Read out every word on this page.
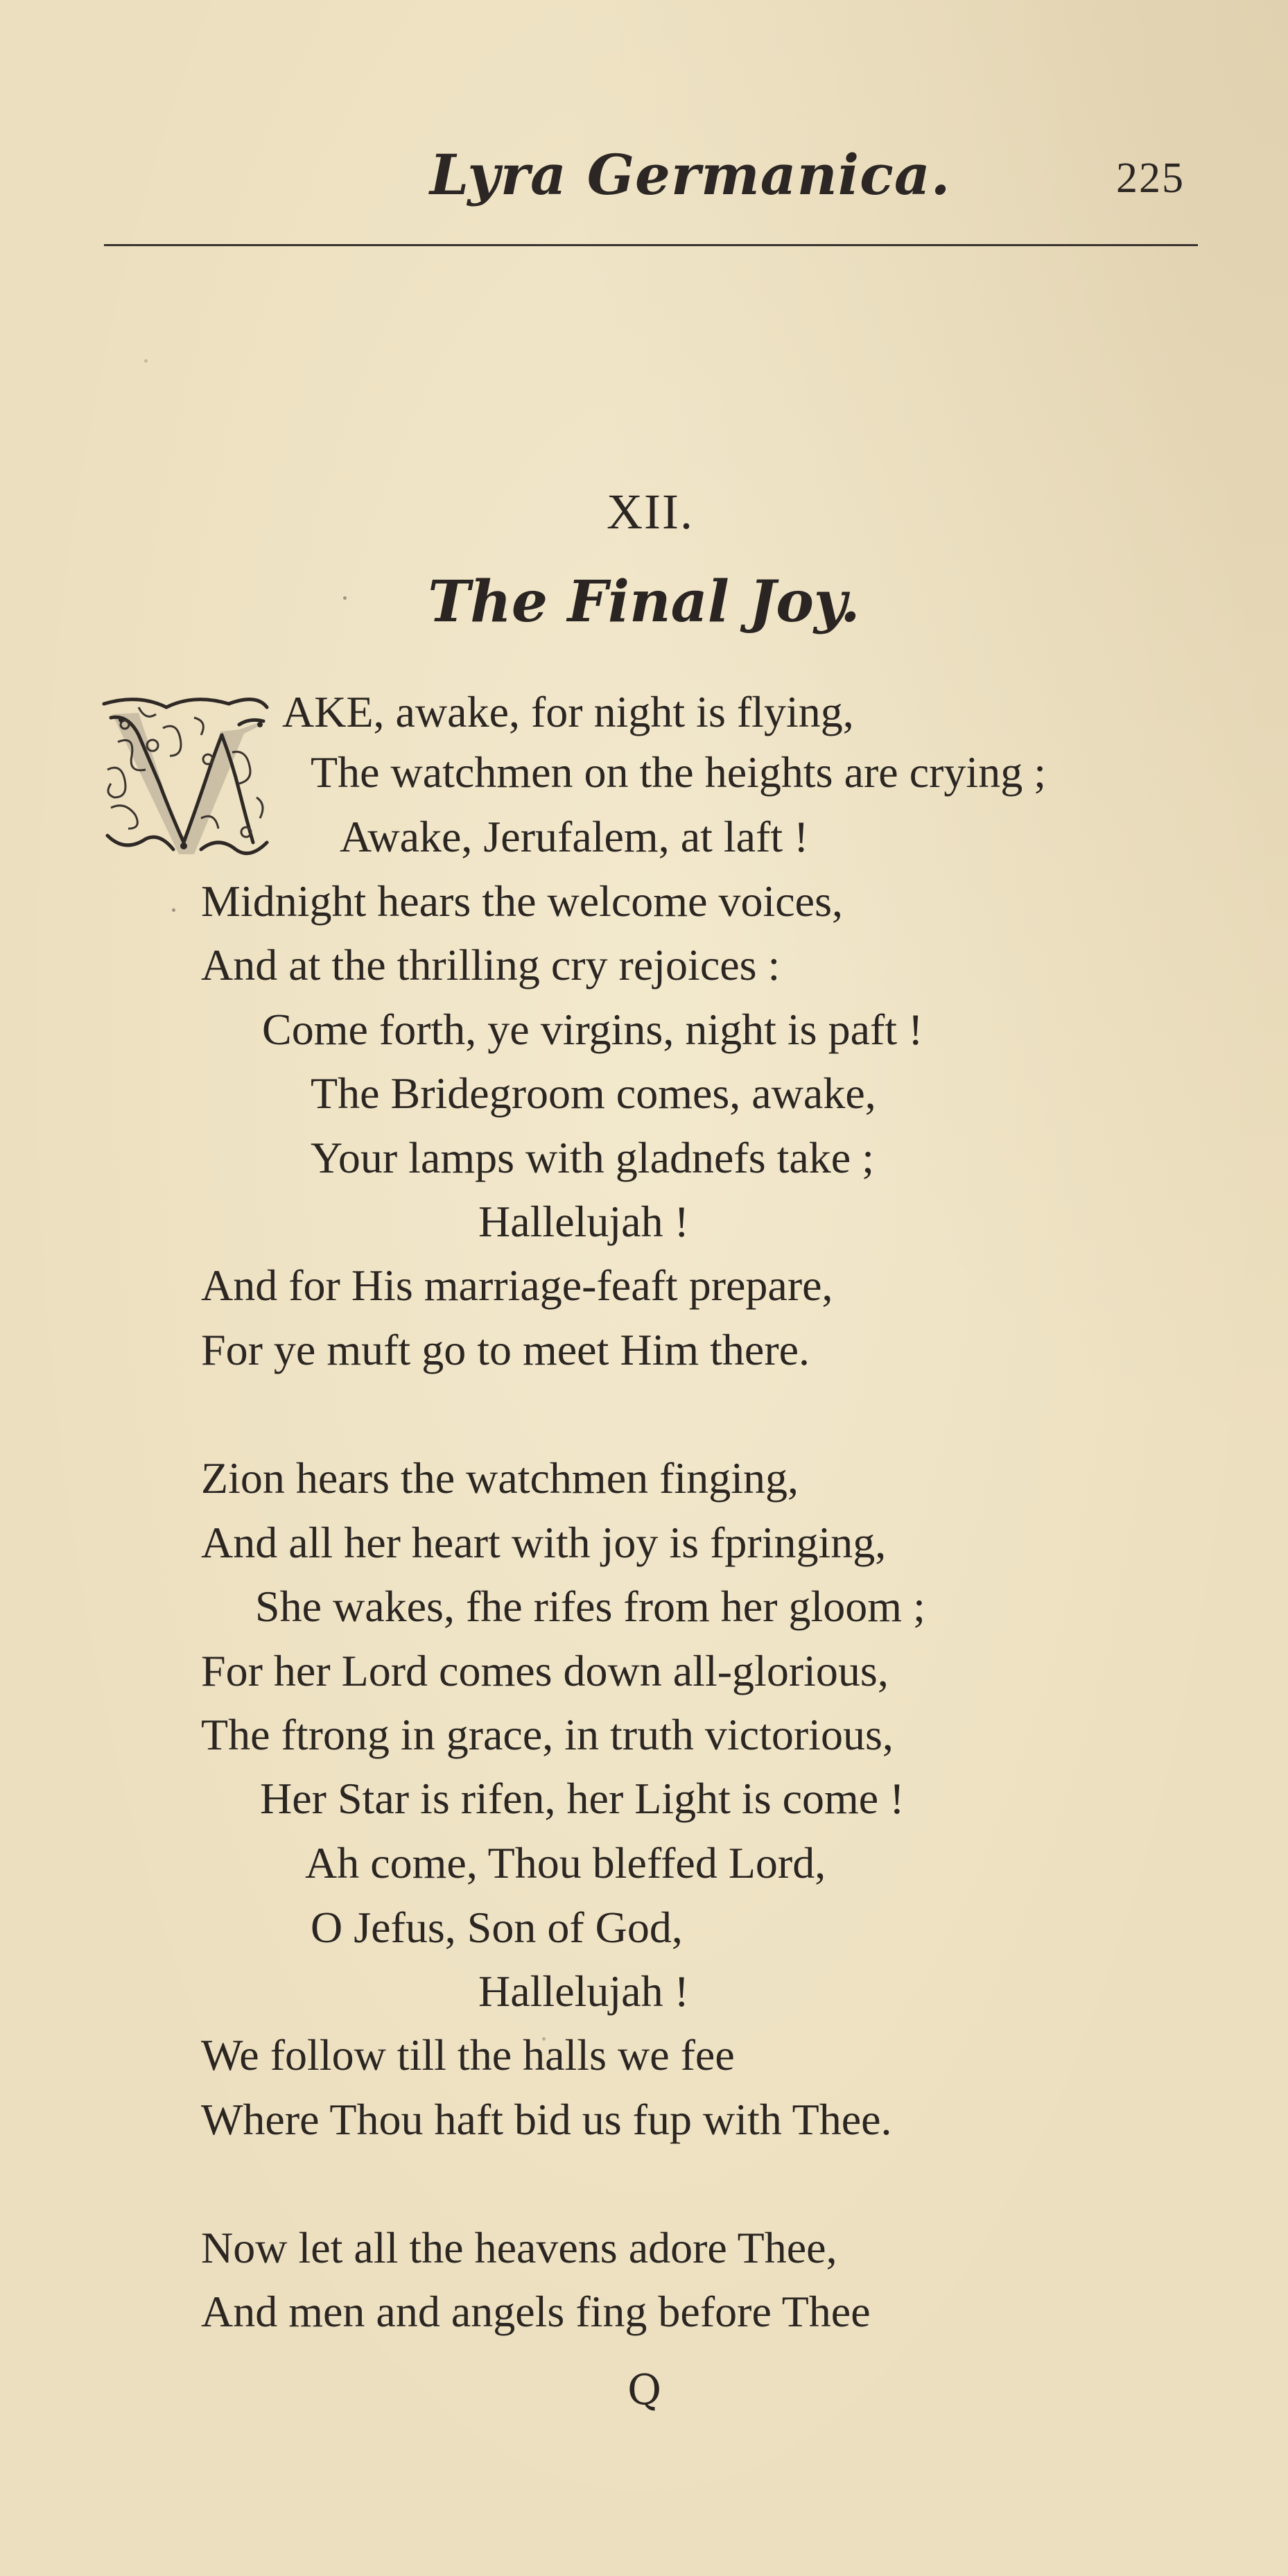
Lyra Germanica.	225
XII.
The Final Joy.
AKE, awake, for night is flying,
The watchmen on the heights are crying ;
Awake, Jerufalem, at laft !
Midnight hears the welcome voices,
And at the thrilling cry rejoices :
Come forth, ye virgins, night is paft !
The Bridegroom comes, awake,
Your lamps with gladnefs take ;
Hallelujah !
And for His marriage-feaft prepare,
For ye muft go to meet Him there.
Zion hears the watchmen finging,
And all her heart with joy is fpringing,
She wakes, fhe rifes from her gloom ;
For her Lord comes down all-glorious,
The ftrong in grace, in truth victorious,
Her Star is rifen, her Light is come !
Ah come, Thou bleffed Lord,
O Jefus, Son of God,
Hallelujah !
We follow till the halls we fee
Where Thou haft bid us fup with Thee.
Now let all the heavens adore Thee,
And men and angels fing before Thee
Q
